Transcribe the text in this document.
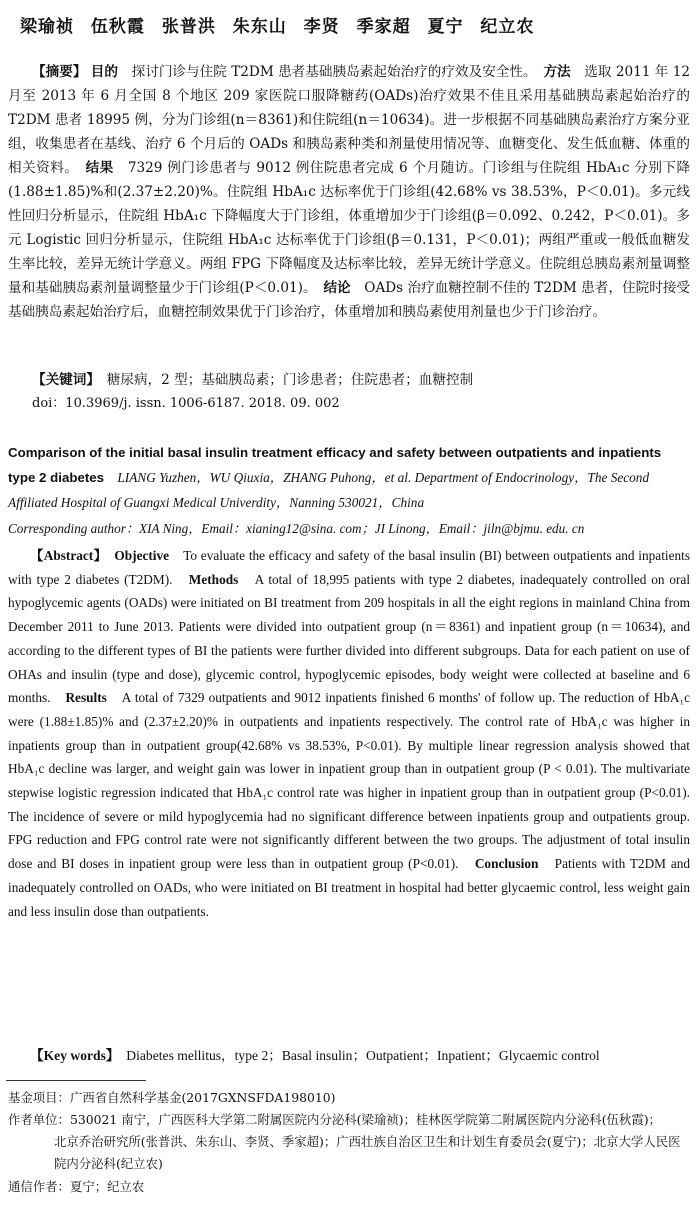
梁瑜祯 伍秋霞 张普洪 朱东山 李贤 季家超 夏宁 纪立农
【摘要】 目的　 探讨门诊与住院 T2DM 患者基础胰岛素起始治疗的疗效及安全性。　 方法　 选取 2011 年 12 月至 2013 年 6 月全国 8 个地区 209 家医院口服降糖药(OADs)治疗效果不佳且采用基础胰岛素起始治疗的 T2DM 患者 18995 例，分为门诊组(n＝8361)和住院组(n＝10634)。进一步根据不同基础胰岛素治疗方案分亚组，收集患者在基线、治疗 6 个月后的 OADs 和胰岛素种类和剂量使用情况等、血糖变化、发生低血糖、体重的相关资料。　 结果　 7329 例门诊患者与 9012 例住院患者完成 6 个月随访。门诊组与住院组 HbA₁c 分别下降(1.88±1.85)%和(2.37±2.20)%。住院组 HbA₁c 达标率优于门诊组(42.68% vs 38.53%，P＜0.01)。多元线性回归分析显示，住院组 HbA₁c 下降幅度大于门诊组，体重增加少于门诊组(β＝0.092、0.242，P＜0.01)。多元 Logistic 回归分析显示，住院组 HbA₁c 达标率优于门诊组(β＝0.131，P＜0.01)；两组严重或一般低血糖发生率比较，差异无统计学意义。两组 FPG 下降幅度及达标率比较，差异无统计学意义。住院组总胰岛素剂量调整量和基础胰岛素剂量调整量少于门诊组(P＜0.01)。　 结论　 OADs 治疗血糖控制不佳的 T2DM 患者，住院时接受基础胰岛素起始治疗后，血糖控制效果优于门诊治疗，体重增加和胰岛素使用剂量也少于门诊治疗。
【关键词】　 糖尿病，2 型；基础胰岛素；门诊患者；住院患者；血糖控制
doi：10.3969/j. issn. 1006-6187. 2018. 09. 002
Comparison of the initial basal insulin treatment efficacy and safety between outpatients and inpatients type 2 diabetes　 LIANG Yuzhen，WU Qiuxia，ZHANG Puhong，et al. Department of Endocrinology，The Second Affiliated Hospital of Guangxi Medical Univerdity，Nanning 530021，China
Corresponding author：XIA Ning，Email：xianing12@sina. com；JI Linong，Email：jiln@bjmu. edu. cn
【Abstract】　 Objective　 To evaluate the efficacy and safety of the basal insulin (BI) between outpatients and inpatients with type 2 diabetes (T2DM).　 Methods　 A total of 18,995 patients with type 2 diabetes, inadequately controlled on oral hypoglycemic agents (OADs) were initiated on BI treatment from 209 hospitals in all the eight regions in mainland China from December 2011 to June 2013. Patients were divided into outpatient group (n＝8361) and inpatient group (n＝10634), and according to the different types of BI the patients were further divided into different subgroups. Data for each patient on use of OHAs and insulin (type and dose), glycemic control, hypoglycemic episodes, body weight were collected at baseline and 6 months.　 Results　 A total of 7329 outpatients and 9012 inpatients finished 6 months' of follow up. The reduction of HbA₁c were (1.88±1.85)% and (2.37±2.20)% in outpatients and inpatients respectively. The control rate of HbA₁c was higher in inpatients group than in outpatient group(42.68% vs 38.53%, P<0.01). By multiple linear regression analysis showed that HbA₁c decline was larger, and weight gain was lower in inpatient group than in outpatient group (P < 0.01). The multivariate stepwise logistic regression indicated that HbA₁c control rate was higher in inpatient group than in outpatient group (P<0.01). The incidence of severe or mild hypoglycemia had no significant difference between inpatients group and outpatients group. FPG reduction and FPG control rate were not significantly different between the two groups. The adjustment of total insulin dose and BI doses in inpatient group were less than in outpatient group (P<0.01).　 Conclusion　 Patients with T2DM and inadequately controlled on OADs, who were initiated on BI treatment in hospital had better glycaemic control, less weight gain and less insulin dose than outpatients.
【Key words】　 Diabetes mellitus，type 2；Basal insulin；Outpatient；Inpatient；Glycaemic control
基金项目：广西省自然科学基金(2017GXNSFDA198010)
作者单位：530021 南宁，广西医科大学第二附属医院内分泌科(梁瑜祯)；桂林医学院第二附属医院内分泌科(伍秋霞)；
北京乔治研究所(张普洪、朱东山、李贤、季家超)；广西壮族自治区卫生和计划生育委员会(夏宁)；北京大学人民医院内分泌科(纪立农)
通信作者：夏宁；纪立农
